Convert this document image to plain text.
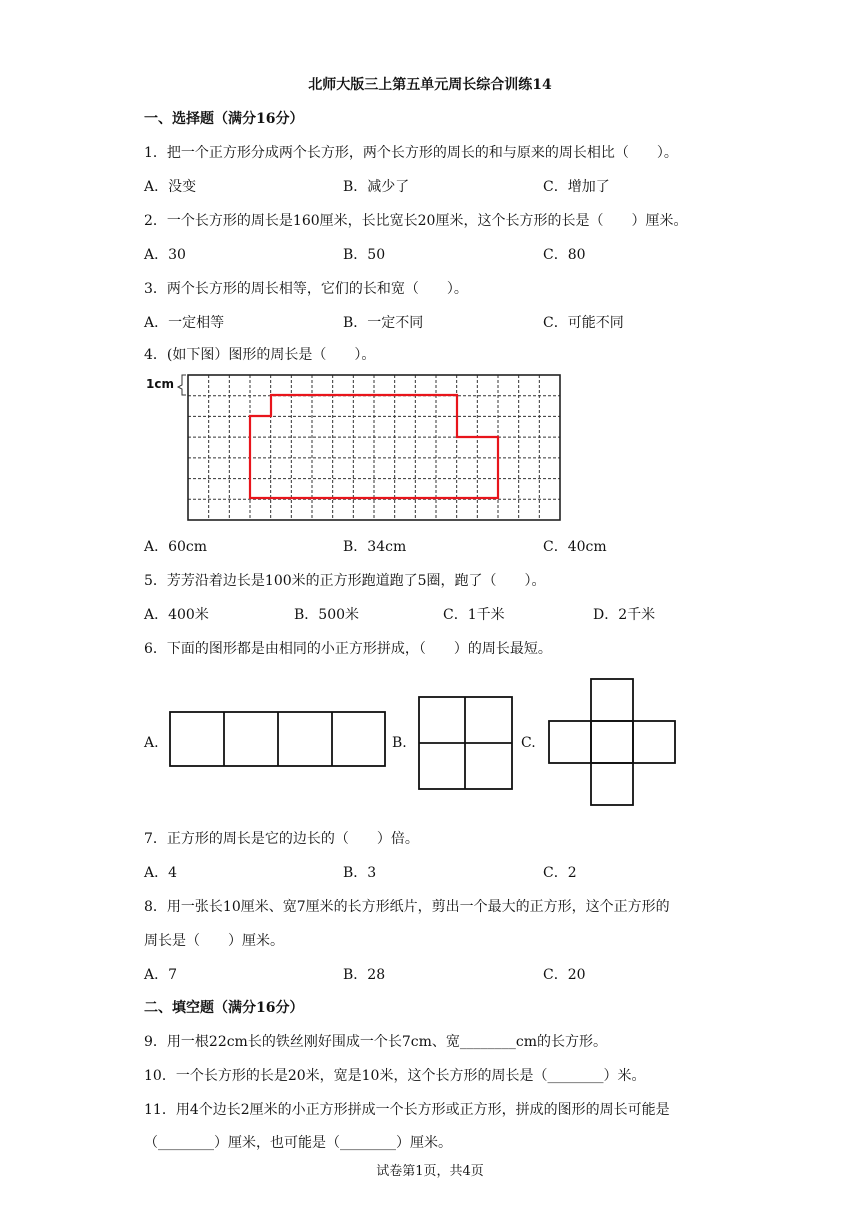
北师大版三上第五单元周长综合训练14
一、选择题（满分16分）
1．把一个正方形分成两个长方形，两个长方形的周长的和与原来的周长相比（　　）。
A．没变	B．减少了	C．增加了
2．一个长方形的周长是160厘米，长比宽长20厘米，这个长方形的长是（　　）厘米。
A．30	B．50	C．80
3．两个长方形的周长相等，它们的长和宽（　　）。
A．一定相等	B．一定不同	C．可能不同
4．(如下图）图形的周长是（　　）。
1cm
A．60cm	B．34cm	C．40cm
5．芳芳沿着边长是100米的正方形跑道跑了5圈，跑了（　　）。
A．400米	B．500米	C．1千米	D．2千米
6．下面的图形都是由相同的小正方形拼成，（　　）的周长最短。
A.	B.	C.
7．正方形的周长是它的边长的（　　）倍。
A．4	B．3	C．2
8．用一张长10厘米、宽7厘米的长方形纸片，剪出一个最大的正方形，这个正方形的
周长是（　　）厘米。
A．7	B．28	C．20
二、填空题（满分16分）
9．用一根22cm长的铁丝刚好围成一个长7cm、宽________cm的长方形。
10．一个长方形的长是20米，宽是10米，这个长方形的周长是（________）米。
11．用4个边长2厘米的小正方形拼成一个长方形或正方形，拼成的图形的周长可能是
（________）厘米，也可能是（________）厘米。
试卷第1页，共4页
